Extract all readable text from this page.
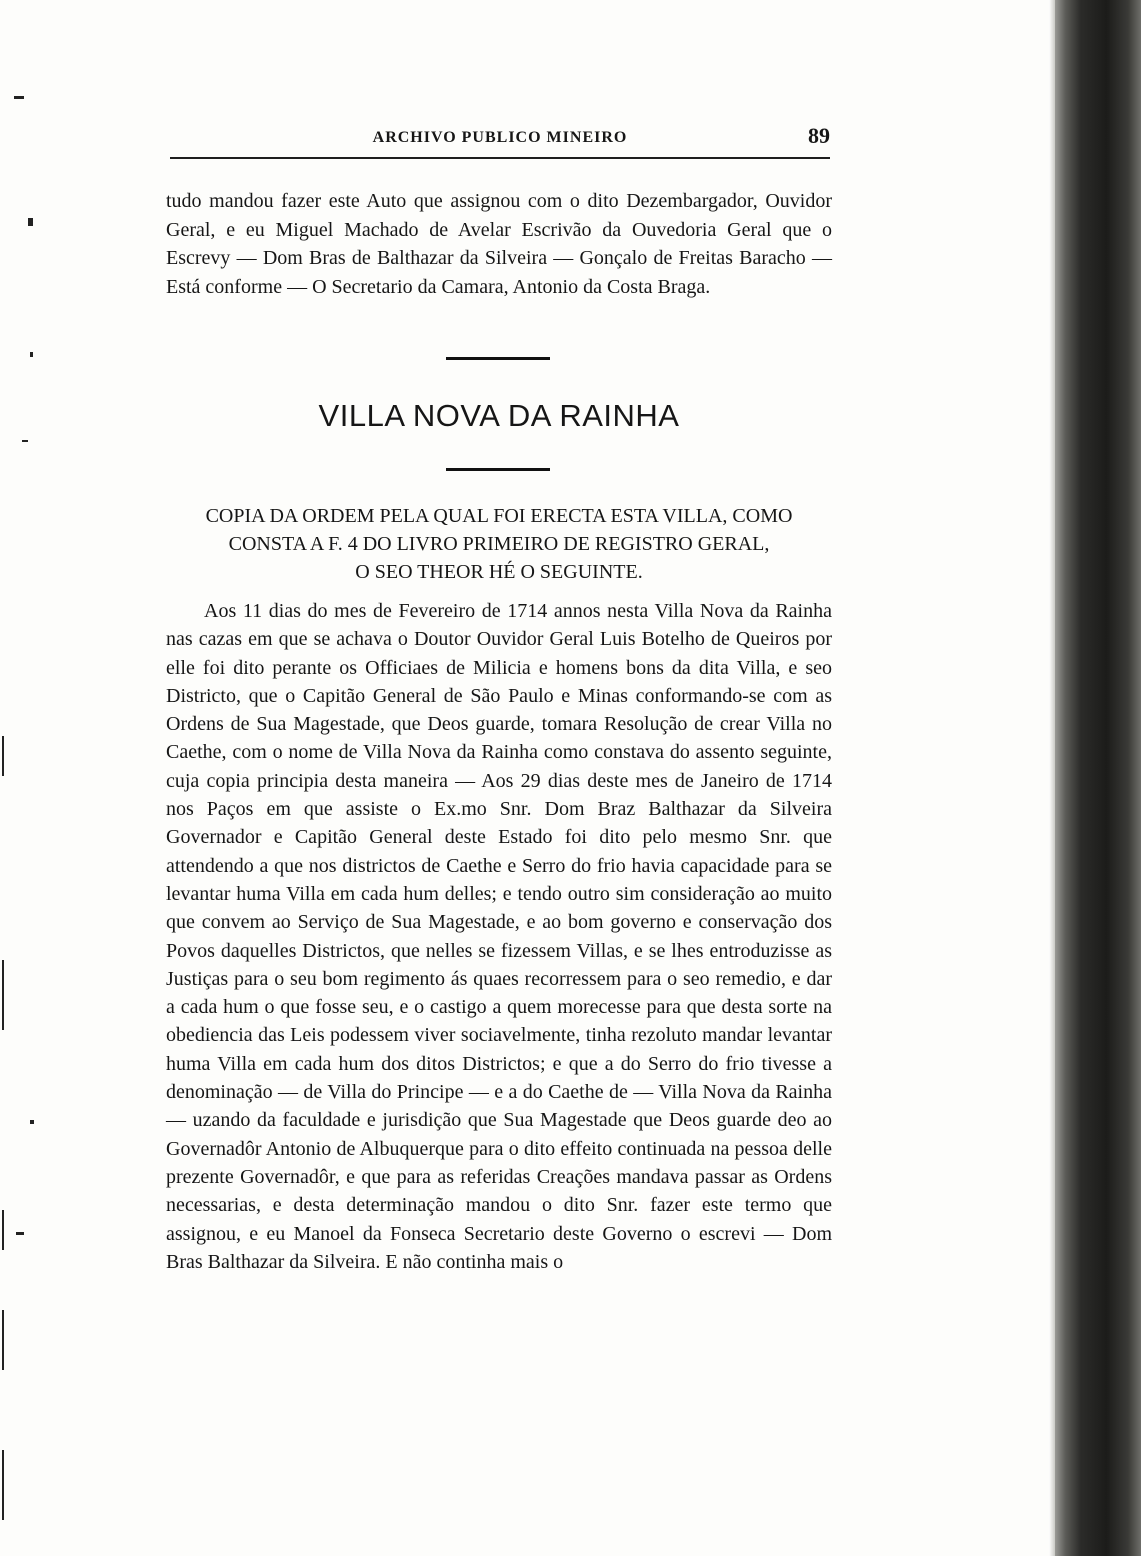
ARCHIVO PUBLICO MINEIRO	89

tudo mandou fazer este Auto que assignou com o dito Dezembargador, Ouvidor Geral, e eu Miguel Machado de Avelar Escrivão da Ouvedoria Geral que o Escrevy — Dom Bras de Balthazar da Silveira — Gonçalo de Freitas Baracho — Está conforme — O Secretario da Camara, Antonio da Costa Braga.

VILLA NOVA DA RAINHA
COPIA DA ORDEM PELA QUAL FOI ERECTA ESTA VILLA, COMO
CONSTA A F. 4 DO LIVRO PRIMEIRO DE REGISTRO GERAL,
O SEO THEOR HÉ O SEGUINTE.

Aos 11 dias do mes de Fevereiro de 1714 annos nesta Villa Nova da Rainha nas cazas em que se achava o Doutor Ouvidor Geral Luis Botelho de Queiros por elle foi dito perante os Officiaes de Milicia e homens bons da dita Villa, e seo Districto, que o Capitão General de São Paulo e Minas conformando-se com as Ordens de Sua Magestade, que Deos guarde, tomara Resolução de crear Villa no Caethe, com o nome de Villa Nova da Rainha como constava do assento seguinte, cuja copia principia desta maneira — Aos 29 dias deste mes de Janeiro de 1714 nos Paços em que assiste o Ex.mo Snr. Dom Braz Balthazar da Silveira Governador e Capitão General deste Estado foi dito pelo mesmo Snr. que attendendo a que nos districtos de Caethe e Serro do frio havia capacidade para se levantar huma Villa em cada hum delles; e tendo outro sim consideração ao muito que convem ao Serviço de Sua Magestade, e ao bom governo e conservação dos Povos daquelles Districtos, que nelles se fizessem Villas, e se lhes entroduzisse as Justiças para o seu bom regimento ás quaes recorressem para o seo remedio, e dar a cada hum o que fosse seu, e o castigo a quem morecesse para que desta sorte na obediencia das Leis podessem viver sociavelmente, tinha rezoluto mandar levantar huma Villa em cada hum dos ditos Districtos; e que a do Serro do frio tivesse a denominação — de Villa do Principe — e a do Caethe de — Villa Nova da Rainha — uzando da faculdade e jurisdição que Sua Magestade que Deos guarde deo ao Governadôr Antonio de Albuquerque para o dito effeito continuada na pessoa delle prezente Governadôr, e que para as referidas Creações mandava passar as Ordens necessarias, e desta determinação mandou o dito Snr. fazer este termo que assignou, e eu Manoel da Fonseca Secretario deste Governo o escrevi — Dom Bras Balthazar da Silveira. E não continha mais o
